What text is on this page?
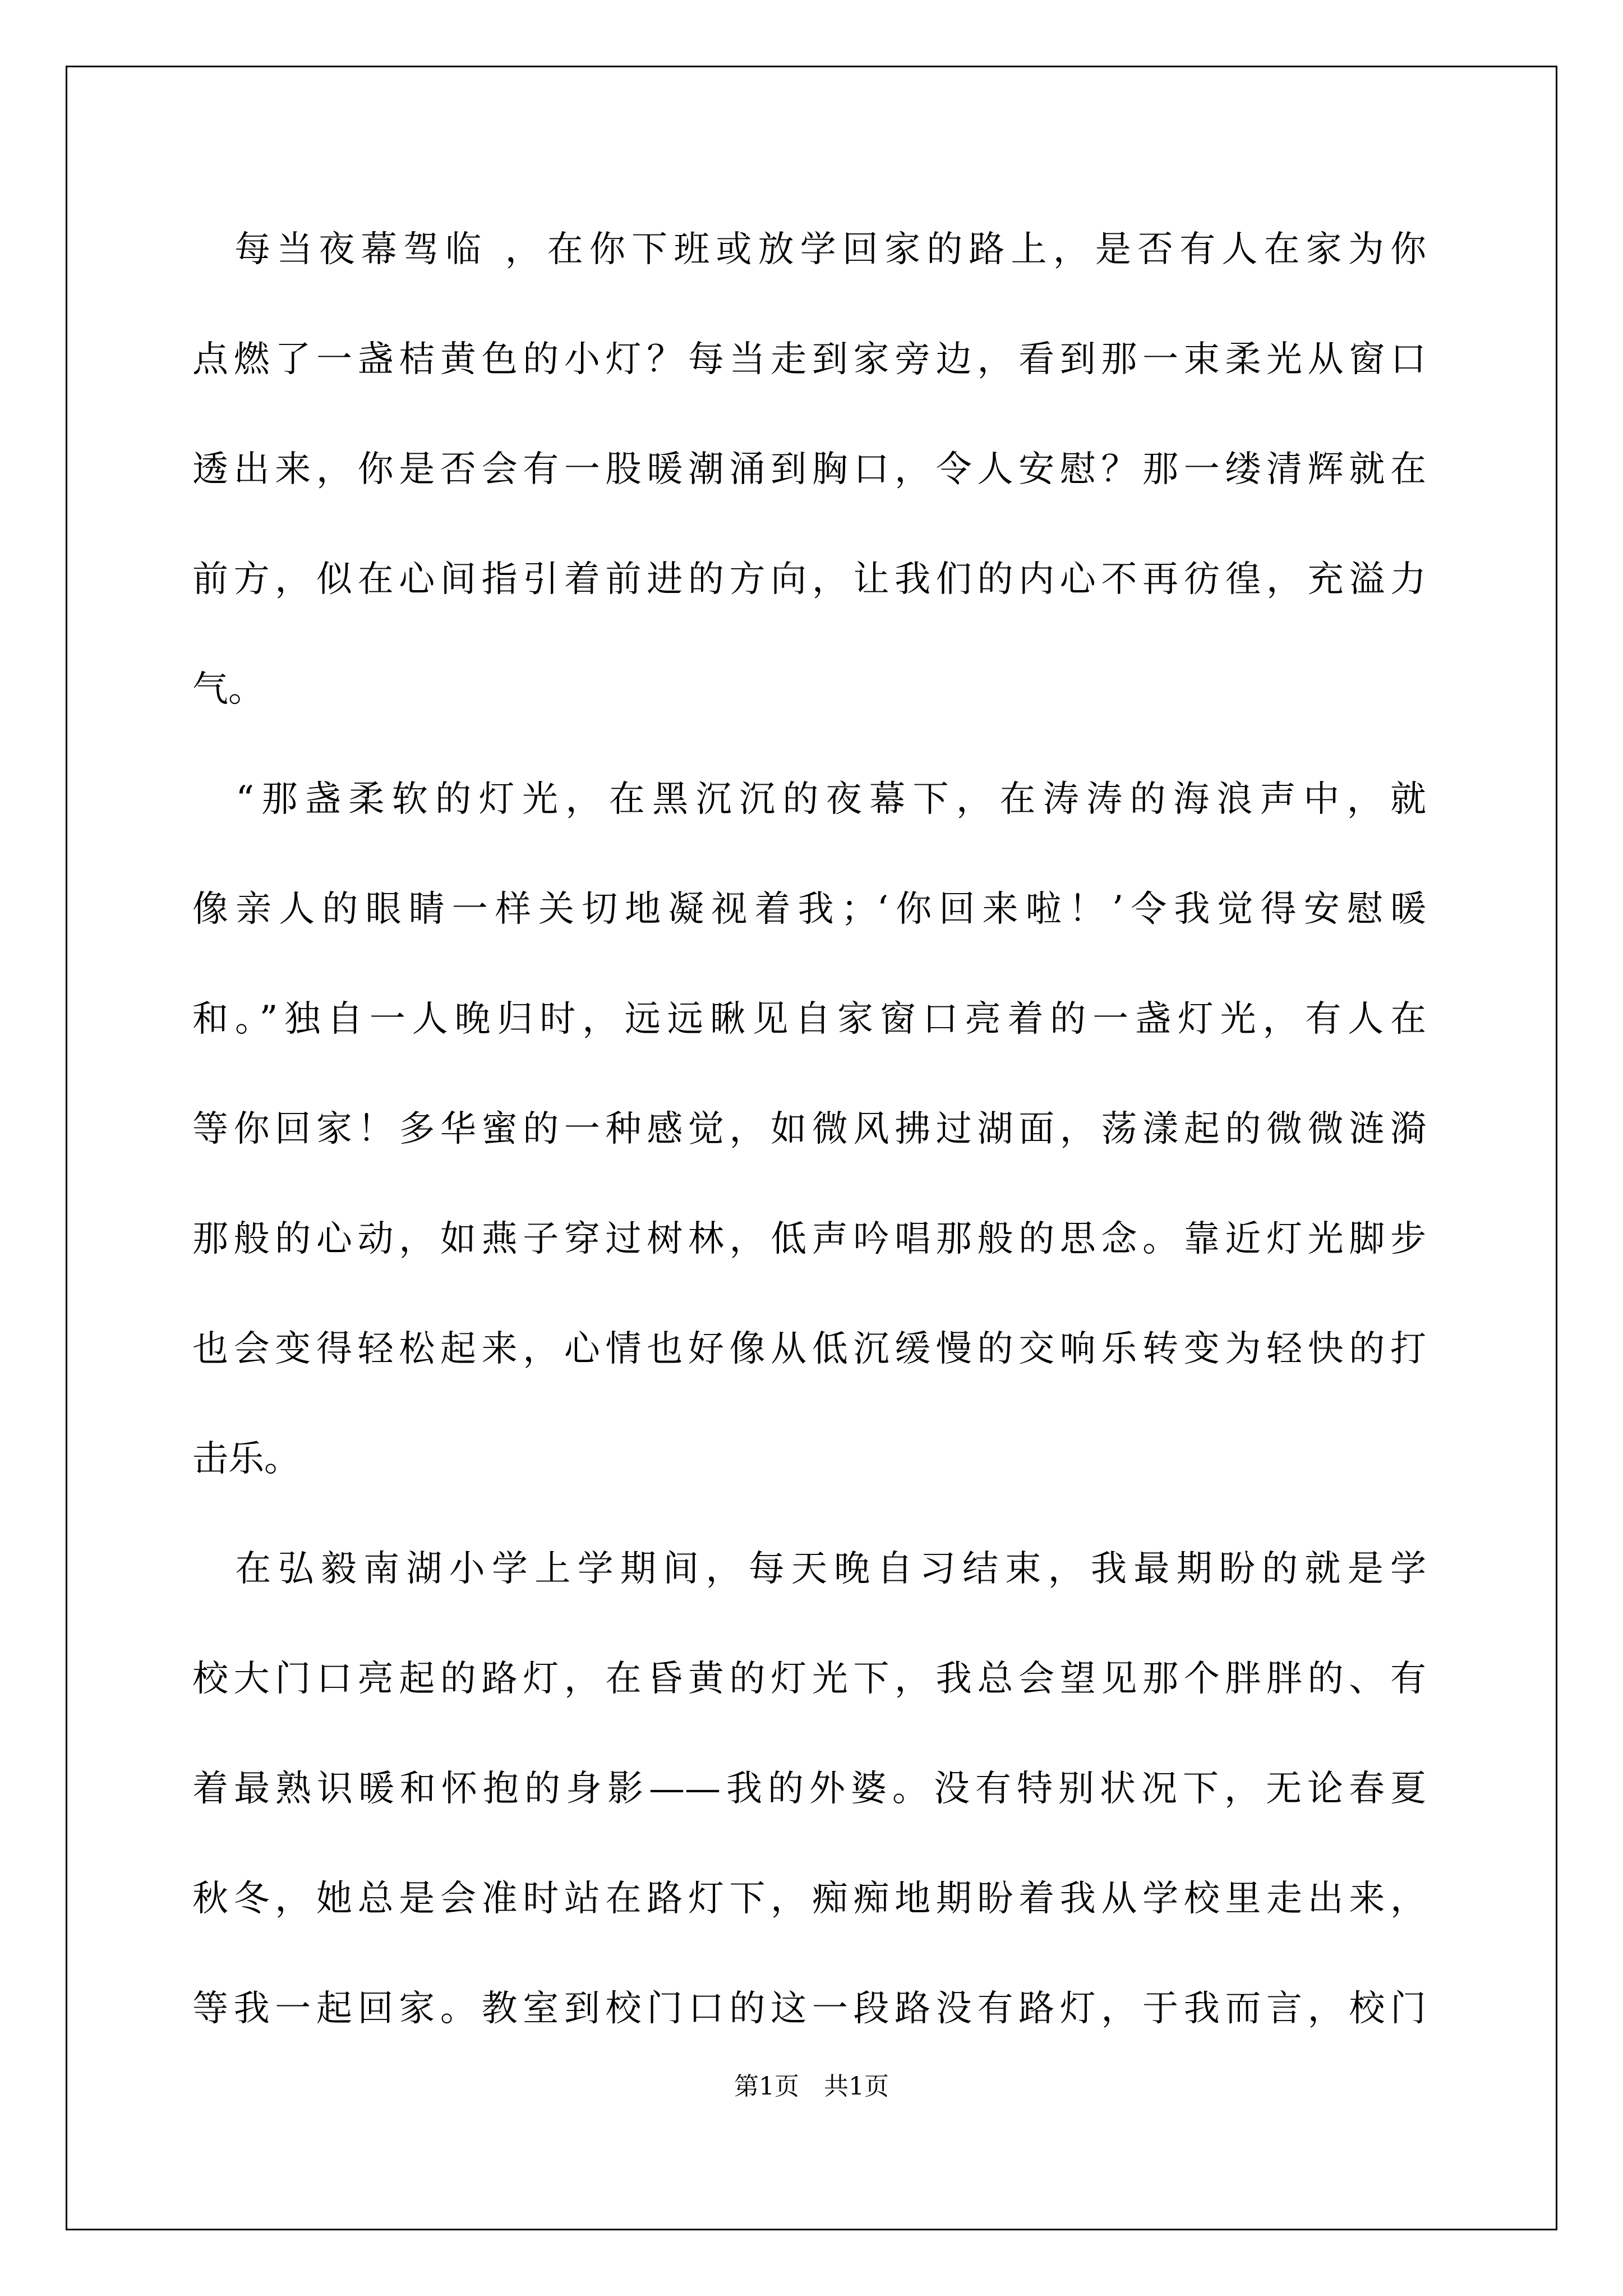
　每当夜幕驾临 ，在你下班或放学回家的路上，是否有人在家为你
点燃了一盏桔黄色的小灯？每当走到家旁边，看到那一束柔光从窗口
透出来，你是否会有一股暖潮涌到胸口，令人安慰？那一缕清辉就在
前方，似在心间指引着前进的方向，让我们的内心不再彷徨，充溢力
气。
　“那盏柔软的灯光，在黑沉沉的夜幕下，在涛涛的海浪声中，就
像亲人的眼睛一样关切地凝视着我；‘你回来啦！’令我觉得安慰暖
和。”独自一人晚归时，远远瞅见自家窗口亮着的一盏灯光，有人在
等你回家！多华蜜的一种感觉，如微风拂过湖面，荡漾起的微微涟漪
那般的心动，如燕子穿过树林，低声吟唱那般的思念。靠近灯光脚步
也会变得轻松起来，心情也好像从低沉缓慢的交响乐转变为轻快的打
击乐。
　在弘毅南湖小学上学期间，每天晚自习结束，我最期盼的就是学
校大门口亮起的路灯，在昏黄的灯光下，我总会望见那个胖胖的、有
着最熟识暖和怀抱的身影——我的外婆。没有特别状况下，无论春夏
秋冬，她总是会准时站在路灯下，痴痴地期盼着我从学校里走出来，
等我一起回家。教室到校门口的这一段路没有路灯，于我而言，校门
第1页　共1页
